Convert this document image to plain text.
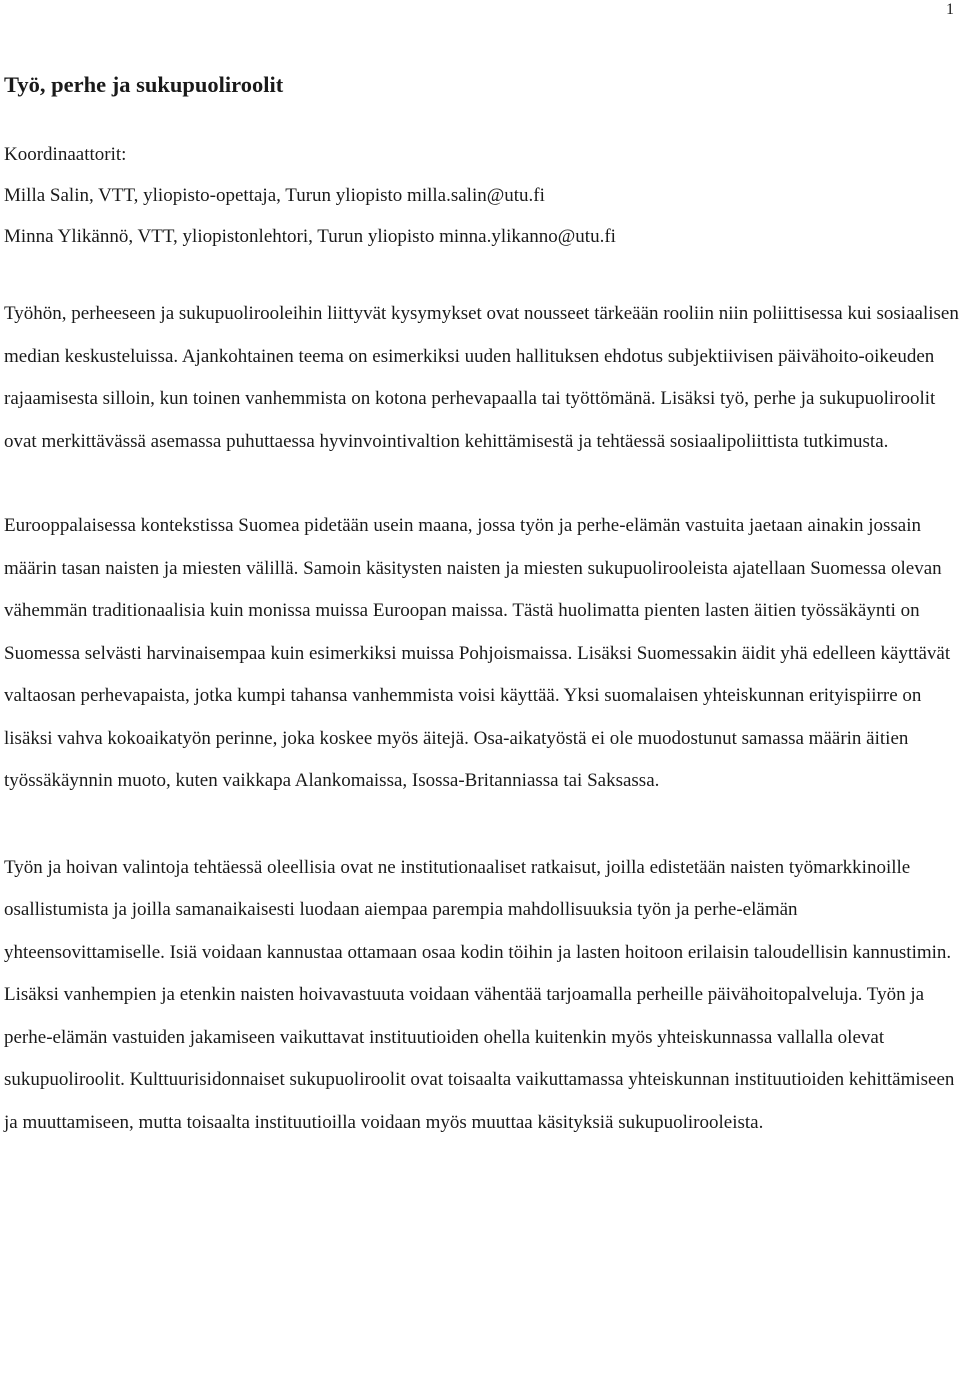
1
Työ, perhe ja sukupuoliroolit
Koordinaattorit:
Milla Salin, VTT, yliopisto-opettaja, Turun yliopisto milla.salin@utu.fi
Minna Ylikännö, VTT, yliopistonlehtori, Turun yliopisto minna.ylikanno@utu.fi

Työhön, perheeseen ja sukupuolirooleihin liittyvät kysymykset ovat nousseet tärkeään rooliin niin poliittisessa kui sosiaalisen median keskusteluissa. Ajankohtainen teema on esimerkiksi uuden hallituksen ehdotus subjektiivisen päivähoito-oikeuden rajaamisesta silloin, kun toinen vanhemmista on kotona perhevapaalla tai työttömänä. Lisäksi työ, perhe ja sukupuoliroolit ovat merkittävässä asemassa puhuttaessa hyvinvointivaltion kehittämisestä ja tehtäessä sosiaalipoliittista tutkimusta.

Eurooppalaisessa kontekstissa Suomea pidetään usein maana, jossa työn ja perhe-elämän vastuita jaetaan ainakin jossain määrin tasan naisten ja miesten välillä. Samoin käsitysten naisten ja miesten sukupuolirooleista ajatellaan Suomessa olevan vähemmän traditionaalisia kuin monissa muissa Euroopan maissa. Tästä huolimatta pienten lasten äitien työssäkäynti on Suomessa selvästi harvinaisempaa kuin esimerkiksi muissa Pohjoismaissa. Lisäksi Suomessakin äidit yhä edelleen käyttävät valtaosan perhevapaista, jotka kumpi tahansa vanhemmista voisi käyttää. Yksi suomalaisen yhteiskunnan erityispiirre on lisäksi vahva kokoaikatyön perinne, joka koskee myös äitejä. Osa-aikatyöstä ei ole muodostunut samassa määrin äitien työssäkäynnin muoto, kuten vaikkapa Alankomaissa, Isossa-Britanniassa tai Saksassa.

Työn ja hoivan valintoja tehtäessä oleellisia ovat ne institutionaaliset ratkaisut, joilla edistetään naisten työmarkkinoille osallistumista ja joilla samanaikaisesti luodaan aiempaa parempia mahdollisuuksia työn ja perhe-elämän yhteensovittamiselle. Isiä voidaan kannustaa ottamaan osaa kodin töihin ja lasten hoitoon erilaisin taloudellisin kannustimin. Lisäksi vanhempien ja etenkin naisten hoivavastuuta voidaan vähentää tarjoamalla perheille päivähoitopalveluja. Työn ja perhe-elämän vastuiden jakamiseen vaikuttavat instituutioiden ohella kuitenkin myös yhteiskunnassa vallalla olevat sukupuoliroolit. Kulttuurisidonnaiset sukupuoliroolit ovat toisaalta vaikuttamassa yhteiskunnan instituutioiden kehittämiseen ja muuttamiseen, mutta toisaalta instituutioilla voidaan myös muuttaa käsityksiä sukupuolirooleista.
